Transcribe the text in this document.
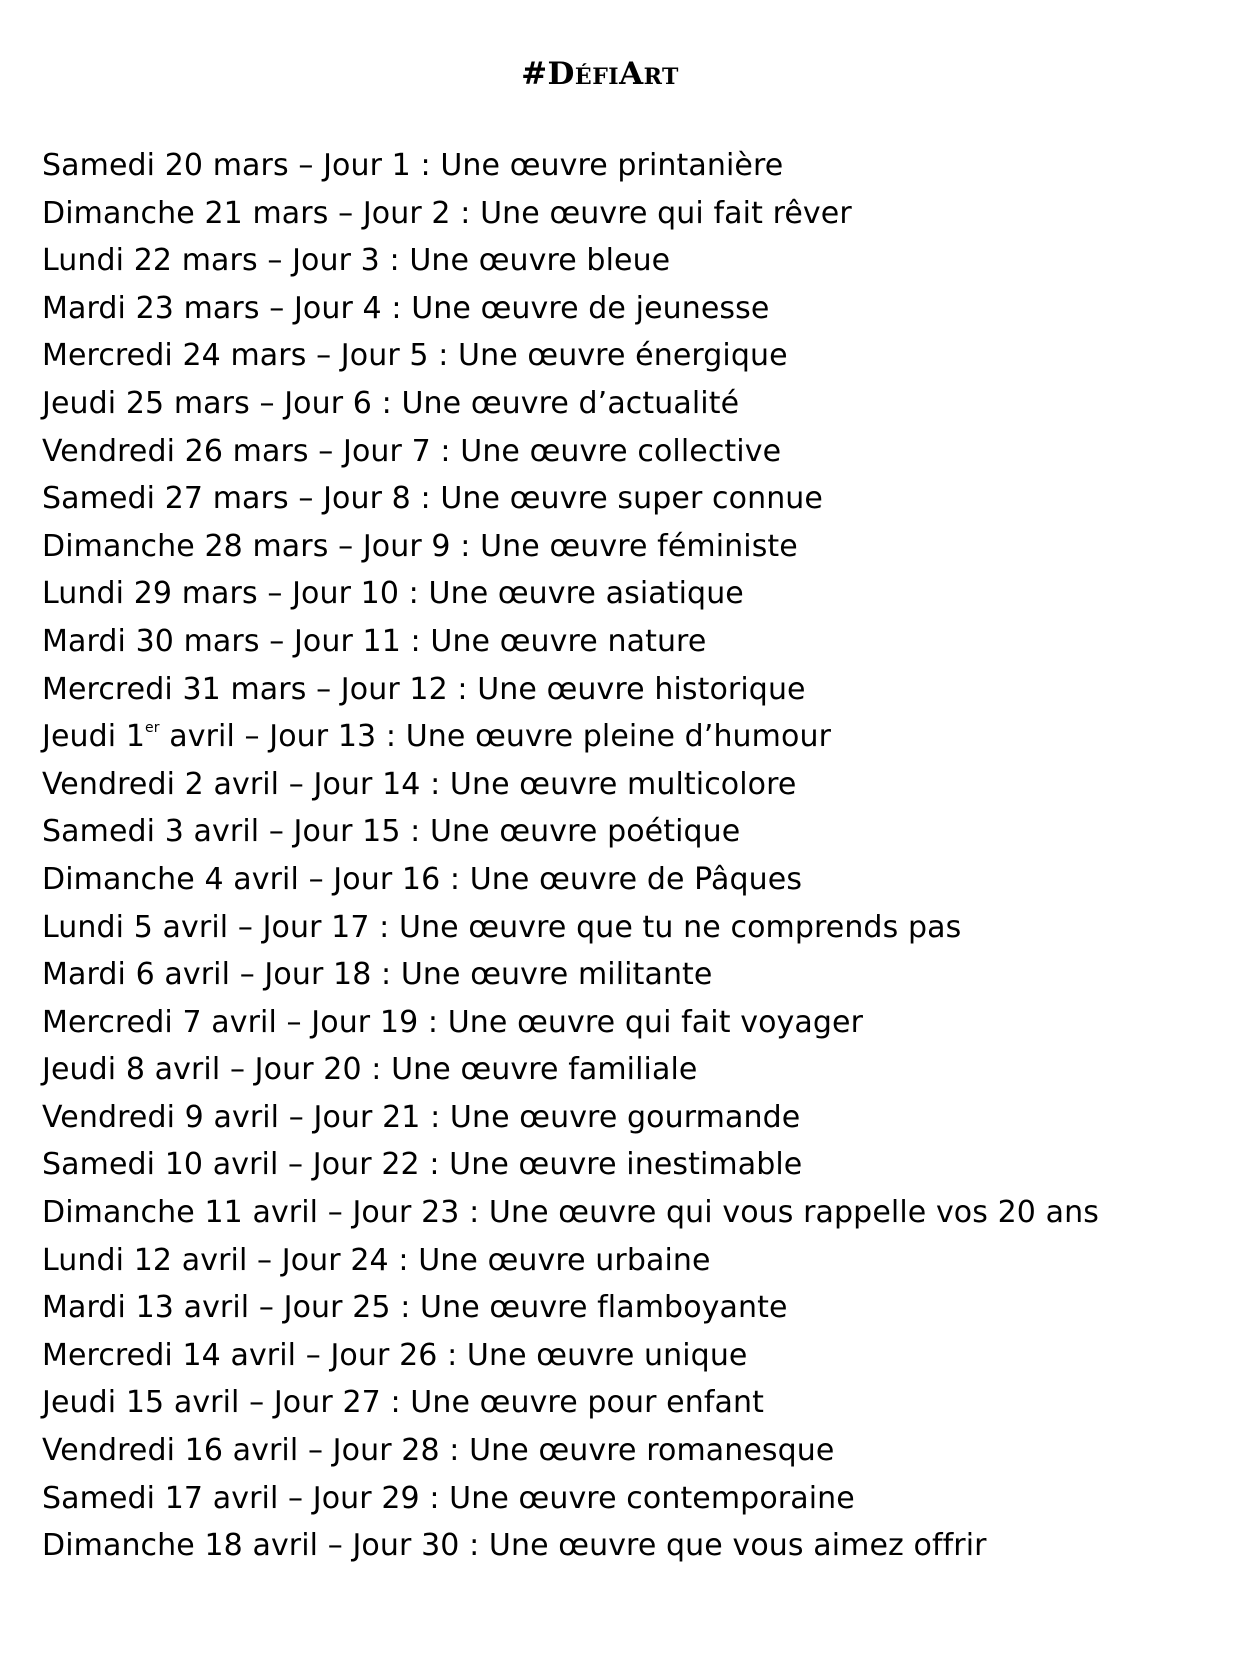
#DéfiArt
Samedi 20 mars – Jour 1 : Une œuvre printanière
Dimanche 21 mars – Jour 2 : Une œuvre qui fait rêver
Lundi 22 mars – Jour 3 : Une œuvre bleue
Mardi 23 mars – Jour 4 : Une œuvre de jeunesse
Mercredi 24 mars – Jour 5 : Une œuvre énergique
Jeudi 25 mars – Jour 6 : Une œuvre d’actualité
Vendredi 26 mars – Jour 7 : Une œuvre collective
Samedi 27 mars – Jour 8 : Une œuvre super connue
Dimanche 28 mars – Jour 9 : Une œuvre féministe
Lundi 29 mars – Jour 10 : Une œuvre asiatique
Mardi 30 mars – Jour 11 : Une œuvre nature
Mercredi 31 mars – Jour 12 : Une œuvre historique
Jeudi 1er avril – Jour 13 : Une œuvre pleine d’humour
Vendredi 2 avril – Jour 14 : Une œuvre multicolore
Samedi 3 avril – Jour 15 : Une œuvre poétique
Dimanche 4 avril – Jour 16 : Une œuvre de Pâques
Lundi 5 avril – Jour 17 : Une œuvre que tu ne comprends pas
Mardi 6 avril – Jour 18 : Une œuvre militante
Mercredi 7 avril – Jour 19 : Une œuvre qui fait voyager
Jeudi 8 avril – Jour 20 : Une œuvre familiale
Vendredi 9 avril – Jour 21 : Une œuvre gourmande
Samedi 10 avril – Jour 22 : Une œuvre inestimable
Dimanche 11 avril – Jour 23 : Une œuvre qui vous rappelle vos 20 ans
Lundi 12 avril – Jour 24 : Une œuvre urbaine
Mardi 13 avril – Jour 25 : Une œuvre flamboyante
Mercredi 14 avril – Jour 26 : Une œuvre unique
Jeudi 15 avril – Jour 27 : Une œuvre pour enfant
Vendredi 16 avril – Jour 28 : Une œuvre romanesque
Samedi 17 avril – Jour 29 : Une œuvre contemporaine
Dimanche 18 avril – Jour 30 : Une œuvre que vous aimez offrir
